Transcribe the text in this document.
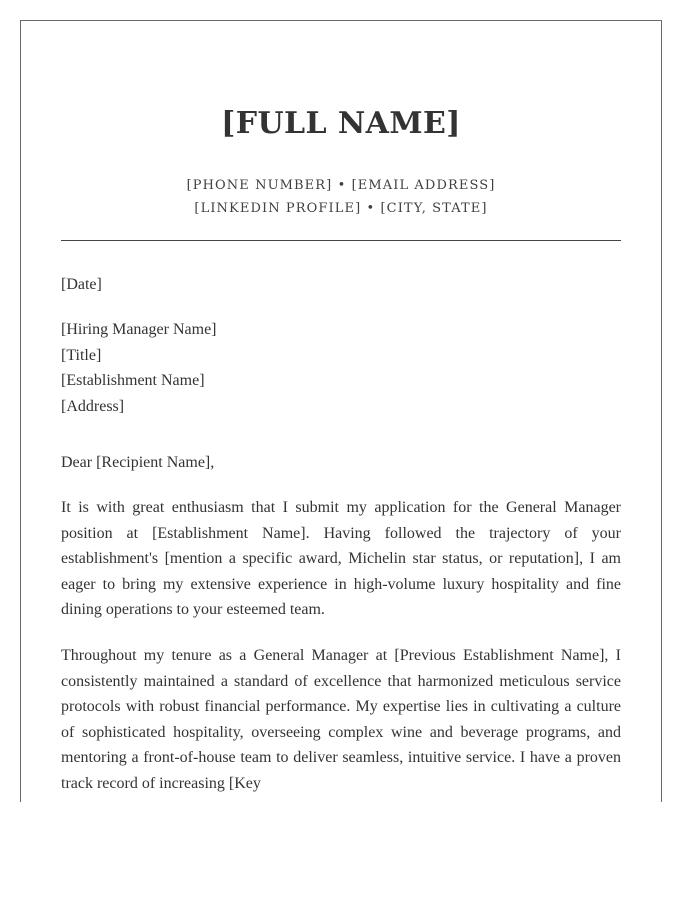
[FULL NAME]
[PHONE NUMBER] • [EMAIL ADDRESS]
[LINKEDIN PROFILE] • [CITY, STATE]
[Date]
[Hiring Manager Name]
[Title]
[Establishment Name]
[Address]
Dear [Recipient Name],

It is with great enthusiasm that I submit my application for the General Manager position at [Establishment Name]. Having followed the trajectory of your establishment's [mention a specific award, Michelin star status, or reputation], I am eager to bring my extensive experience in high-volume luxury hospitality and fine dining operations to your esteemed team.

Throughout my tenure as a General Manager at [Previous Establishment Name], I consistently maintained a standard of excellence that harmonized meticulous service protocols with robust financial performance. My expertise lies in cultivating a culture of sophisticated hospitality, overseeing complex wine and beverage programs, and mentoring a front-of-house team to deliver seamless, intuitive service. I have a proven track record of increasing [Key
